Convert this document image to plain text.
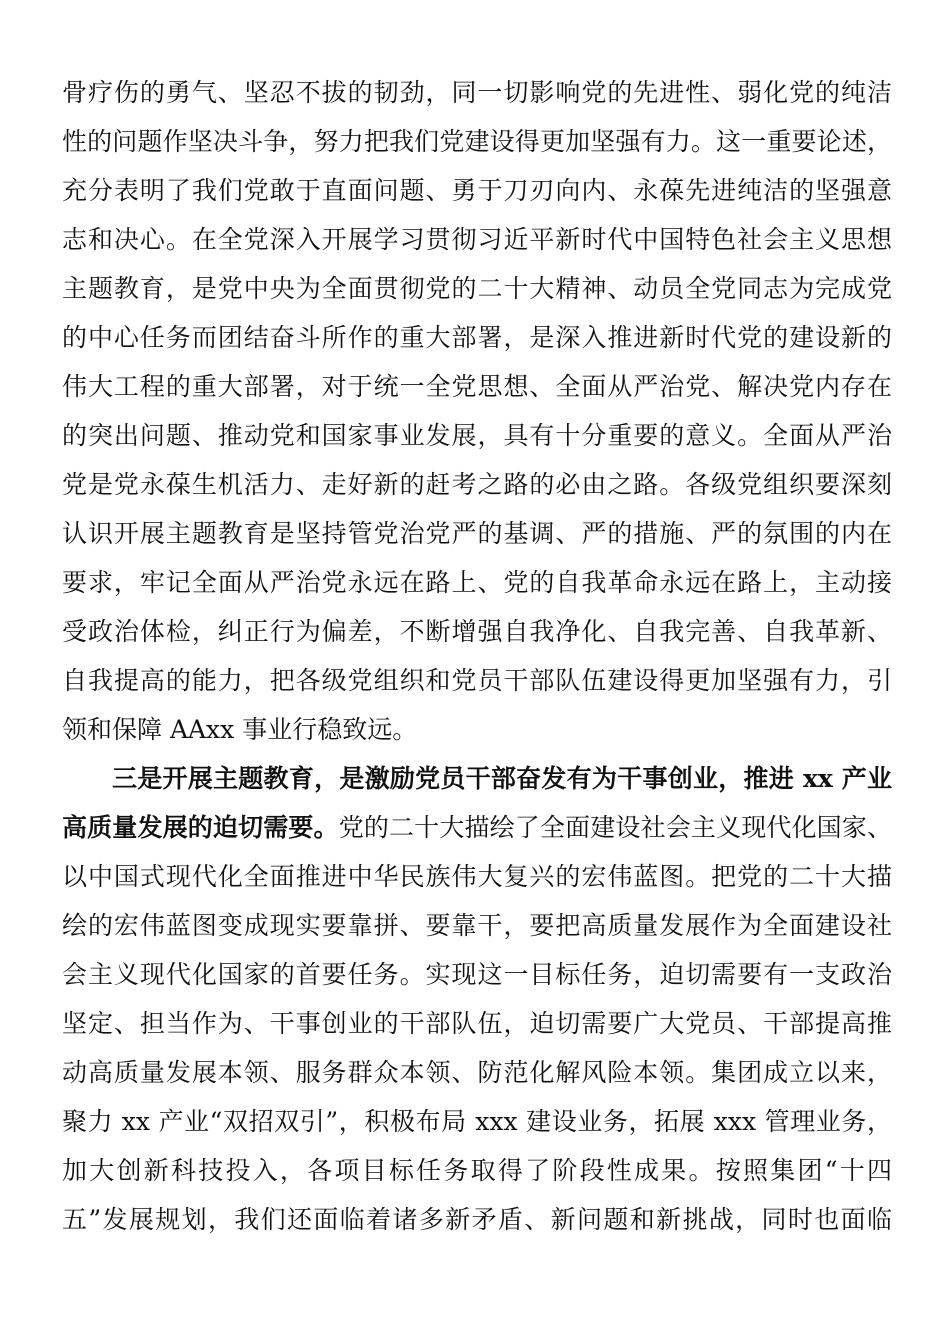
骨疗伤的勇气、坚忍不拔的韧劲，同一切影响党的先进性、弱化党的纯洁
性的问题作坚决斗争，努力把我们党建设得更加坚强有力。这一重要论述，
充分表明了我们党敢于直面问题、勇于刀刃向内、永葆先进纯洁的坚强意
志和决心。在全党深入开展学习贯彻习近平新时代中国特色社会主义思想
主题教育，是党中央为全面贯彻党的二十大精神、动员全党同志为完成党
的中心任务而团结奋斗所作的重大部署，是深入推进新时代党的建设新的
伟大工程的重大部署，对于统一全党思想、全面从严治党、解决党内存在
的突出问题、推动党和国家事业发展，具有十分重要的意义。全面从严治
党是党永葆生机活力、走好新的赶考之路的必由之路。各级党组织要深刻
认识开展主题教育是坚持管党治党严的基调、严的措施、严的氛围的内在
要求，牢记全面从严治党永远在路上、党的自我革命永远在路上，主动接
受政治体检，纠正行为偏差，不断增强自我净化、自我完善、自我革新、
自我提高的能力，把各级党组织和党员干部队伍建设得更加坚强有力，引
领和保障 AAxx 事业行稳致远。
三是开展主题教育，是激励党员干部奋发有为干事创业，推进 xx 产业
高质量发展的迫切需要。党的二十大描绘了全面建设社会主义现代化国家、
以中国式现代化全面推进中华民族伟大复兴的宏伟蓝图。把党的二十大描
绘的宏伟蓝图变成现实要靠拼、要靠干，要把高质量发展作为全面建设社
会主义现代化国家的首要任务。实现这一目标任务，迫切需要有一支政治
坚定、担当作为、干事创业的干部队伍，迫切需要广大党员、干部提高推
动高质量发展本领、服务群众本领、防范化解风险本领。集团成立以来，
聚力 xx 产业“双招双引”，积极布局 xxx 建设业务，拓展 xxx 管理业务，
加大创新科技投入，各项目标任务取得了阶段性成果。按照集团“十四
五”发展规划，我们还面临着诸多新矛盾、新问题和新挑战，同时也面临
